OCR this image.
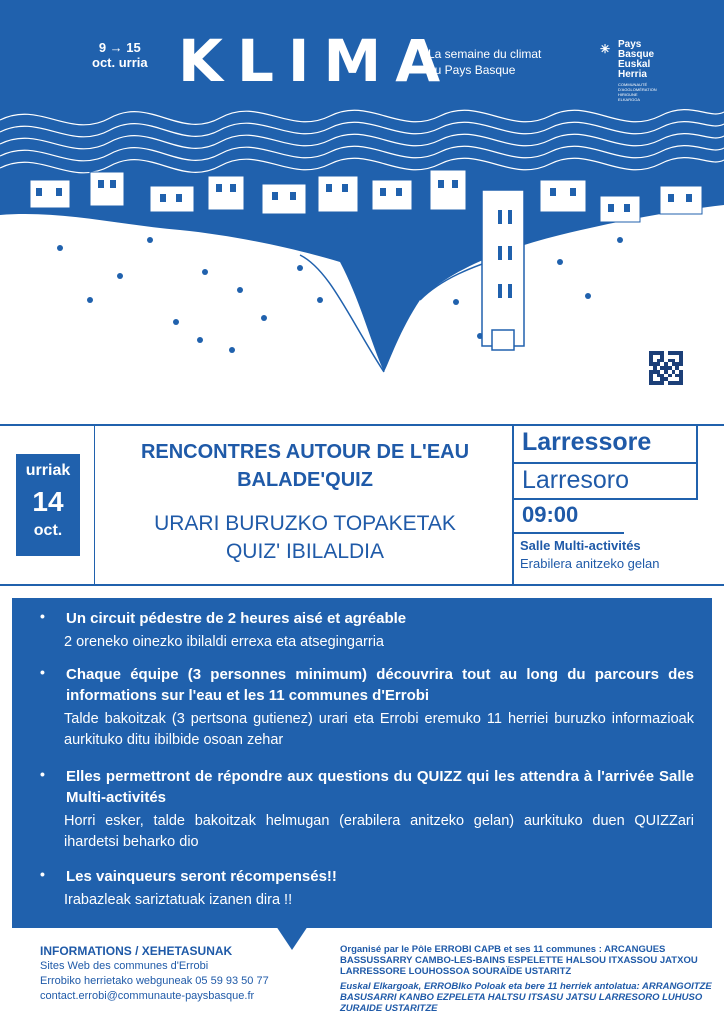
9 → 15
oct. urria KLIMA
La semaine du climat
au Pays Basque
✳ Pays
Basque
Euskal
Herria
COMMUNAUTÉ D'AGGLOMÉRATION
HIRIGUNE ELKARGOA
2023
l'eau !
ura!
Gratuit - Tous publics
Kitorik – Publiko ororentzat
urriak
14
oct.
RENCONTRES AUTOUR DE L'EAU
BALADE'QUIZ
URARI BURUZKO TOPAKETAK
QUIZ' IBILALDIA
Larressore
Larresoro
09:00
Salle Multi-activités
Erabilera anitzeko gelan
• Un circuit pédestre de 2 heures aisé et agréable
2 oreneko oinezko ibilaldi errexa eta atsegingarria
• Chaque équipe (3 personnes minimum) découvrira tout au long du parcours des informations sur l'eau et les 11 communes d'Errobi
Talde bakoitzak (3 pertsona gutienez) urari eta Errobi eremuko 11 herriei buruzko informazioak aurkituko ditu ibilbide osoan zehar
• Elles permettront de répondre aux questions du QUIZZ qui les attendra à l'arrivée Salle Multi-activités
Horri esker, talde bakoitzak helmugan (erabilera anitzeko gelan) aurkituko duen QUIZZari ihardetsi beharko dio
• Les vainqueurs seront récompensés!!
Irabazleak sariztatuak izanen dira !!
INFORMATIONS / XEHETASUNAK
Sites Web des communes d'Errobi
Errobiko herrietako webguneak 05 59 93 50 77
contact.errobi@communaute-paysbasque.fr
Organisé par le Pôle ERROBI CAPB et ses 11 communes : ARCANGUES BASSUSSARRY CAMBO-LES-BAINS ESPELETTE HALSOU ITXASSOU JATXOU LARRESSORE LOUHOSSOA SOURAÏDE USTARITZ
Euskal Elkargoak, ERROBIko Poloak eta bere 11 herriek antolatua: ARRANGOITZE BASUSARRI KANBO EZPELETA HALTSU ITSASU JATSU LARRESORO LUHUSO ZURAIDE USTARITZE
